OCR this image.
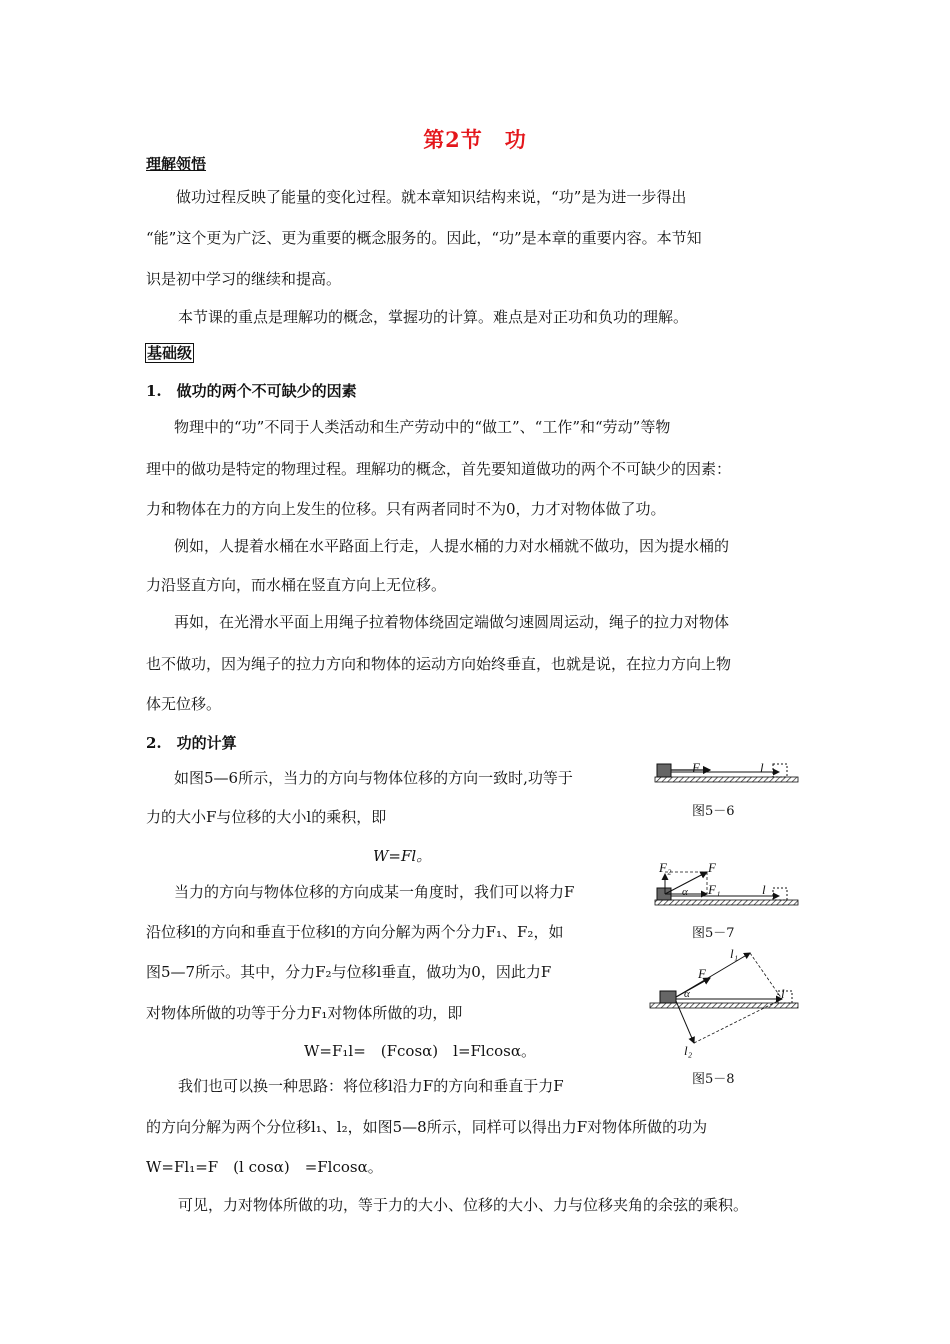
第2节　功
理解领悟
做功过程反映了能量的变化过程。就本章知识结构来说，“功”是为进一步得出
“能”这个更为广泛、更为重要的概念服务的。因此，“功”是本章的重要内容。本节知
识是初中学习的继续和提高。
本节课的重点是理解功的概念，掌握功的计算。难点是对正功和负功的理解。
基础级
1.　做功的两个不可缺少的因素
物理中的“功”不同于人类活动和生产劳动中的“做工”、“工作”和“劳动”等物
理中的做功是特定的物理过程。理解功的概念，首先要知道做功的两个不可缺少的因素：
力和物体在力的方向上发生的位移。只有两者同时不为0，力才对物体做了功。
例如，人提着水桶在水平路面上行走，人提水桶的力对水桶就不做功，因为提水桶的
力沿竖直方向，而水桶在竖直方向上无位移。
再如，在光滑水平面上用绳子拉着物体绕固定端做匀速圆周运动，绳子的拉力对物体
也不做功，因为绳子的拉力方向和物体的运动方向始终垂直，也就是说，在拉力方向上物
体无位移。
2.　功的计算
如图5—6所示，当力的方向与物体位移的方向一致时,功等于
力的大小F与位移的大小l的乘积，即
W=Fl。
当力的方向与物体位移的方向成某一角度时，我们可以将力F
沿位移l的方向和垂直于位移l的方向分解为两个分力F₁、F₂，如
图5—7所示。其中，分力F₂与位移l垂直，做功为0，因此力F
对物体所做的功等于分力F₁对物体所做的功，即
W=F₁l=　(Fcosα)　l=Flcosα。
我们也可以换一种思路：将位移l沿力F的方向和垂直于力F
的方向分解为两个分位移l₁、l₂，如图5—8所示，同样可以得出力F对物体所做的功为
W=Fl₁=F　(l cosα)　=Flcosα。
可见，力对物体所做的功，等于力的大小、位移的大小、力与位移夹角的余弦的乘积。
F	l
图5－6
F₂	F
F₁
α	l
图5－7
F
l₁
l
α
l₂
图5－8
